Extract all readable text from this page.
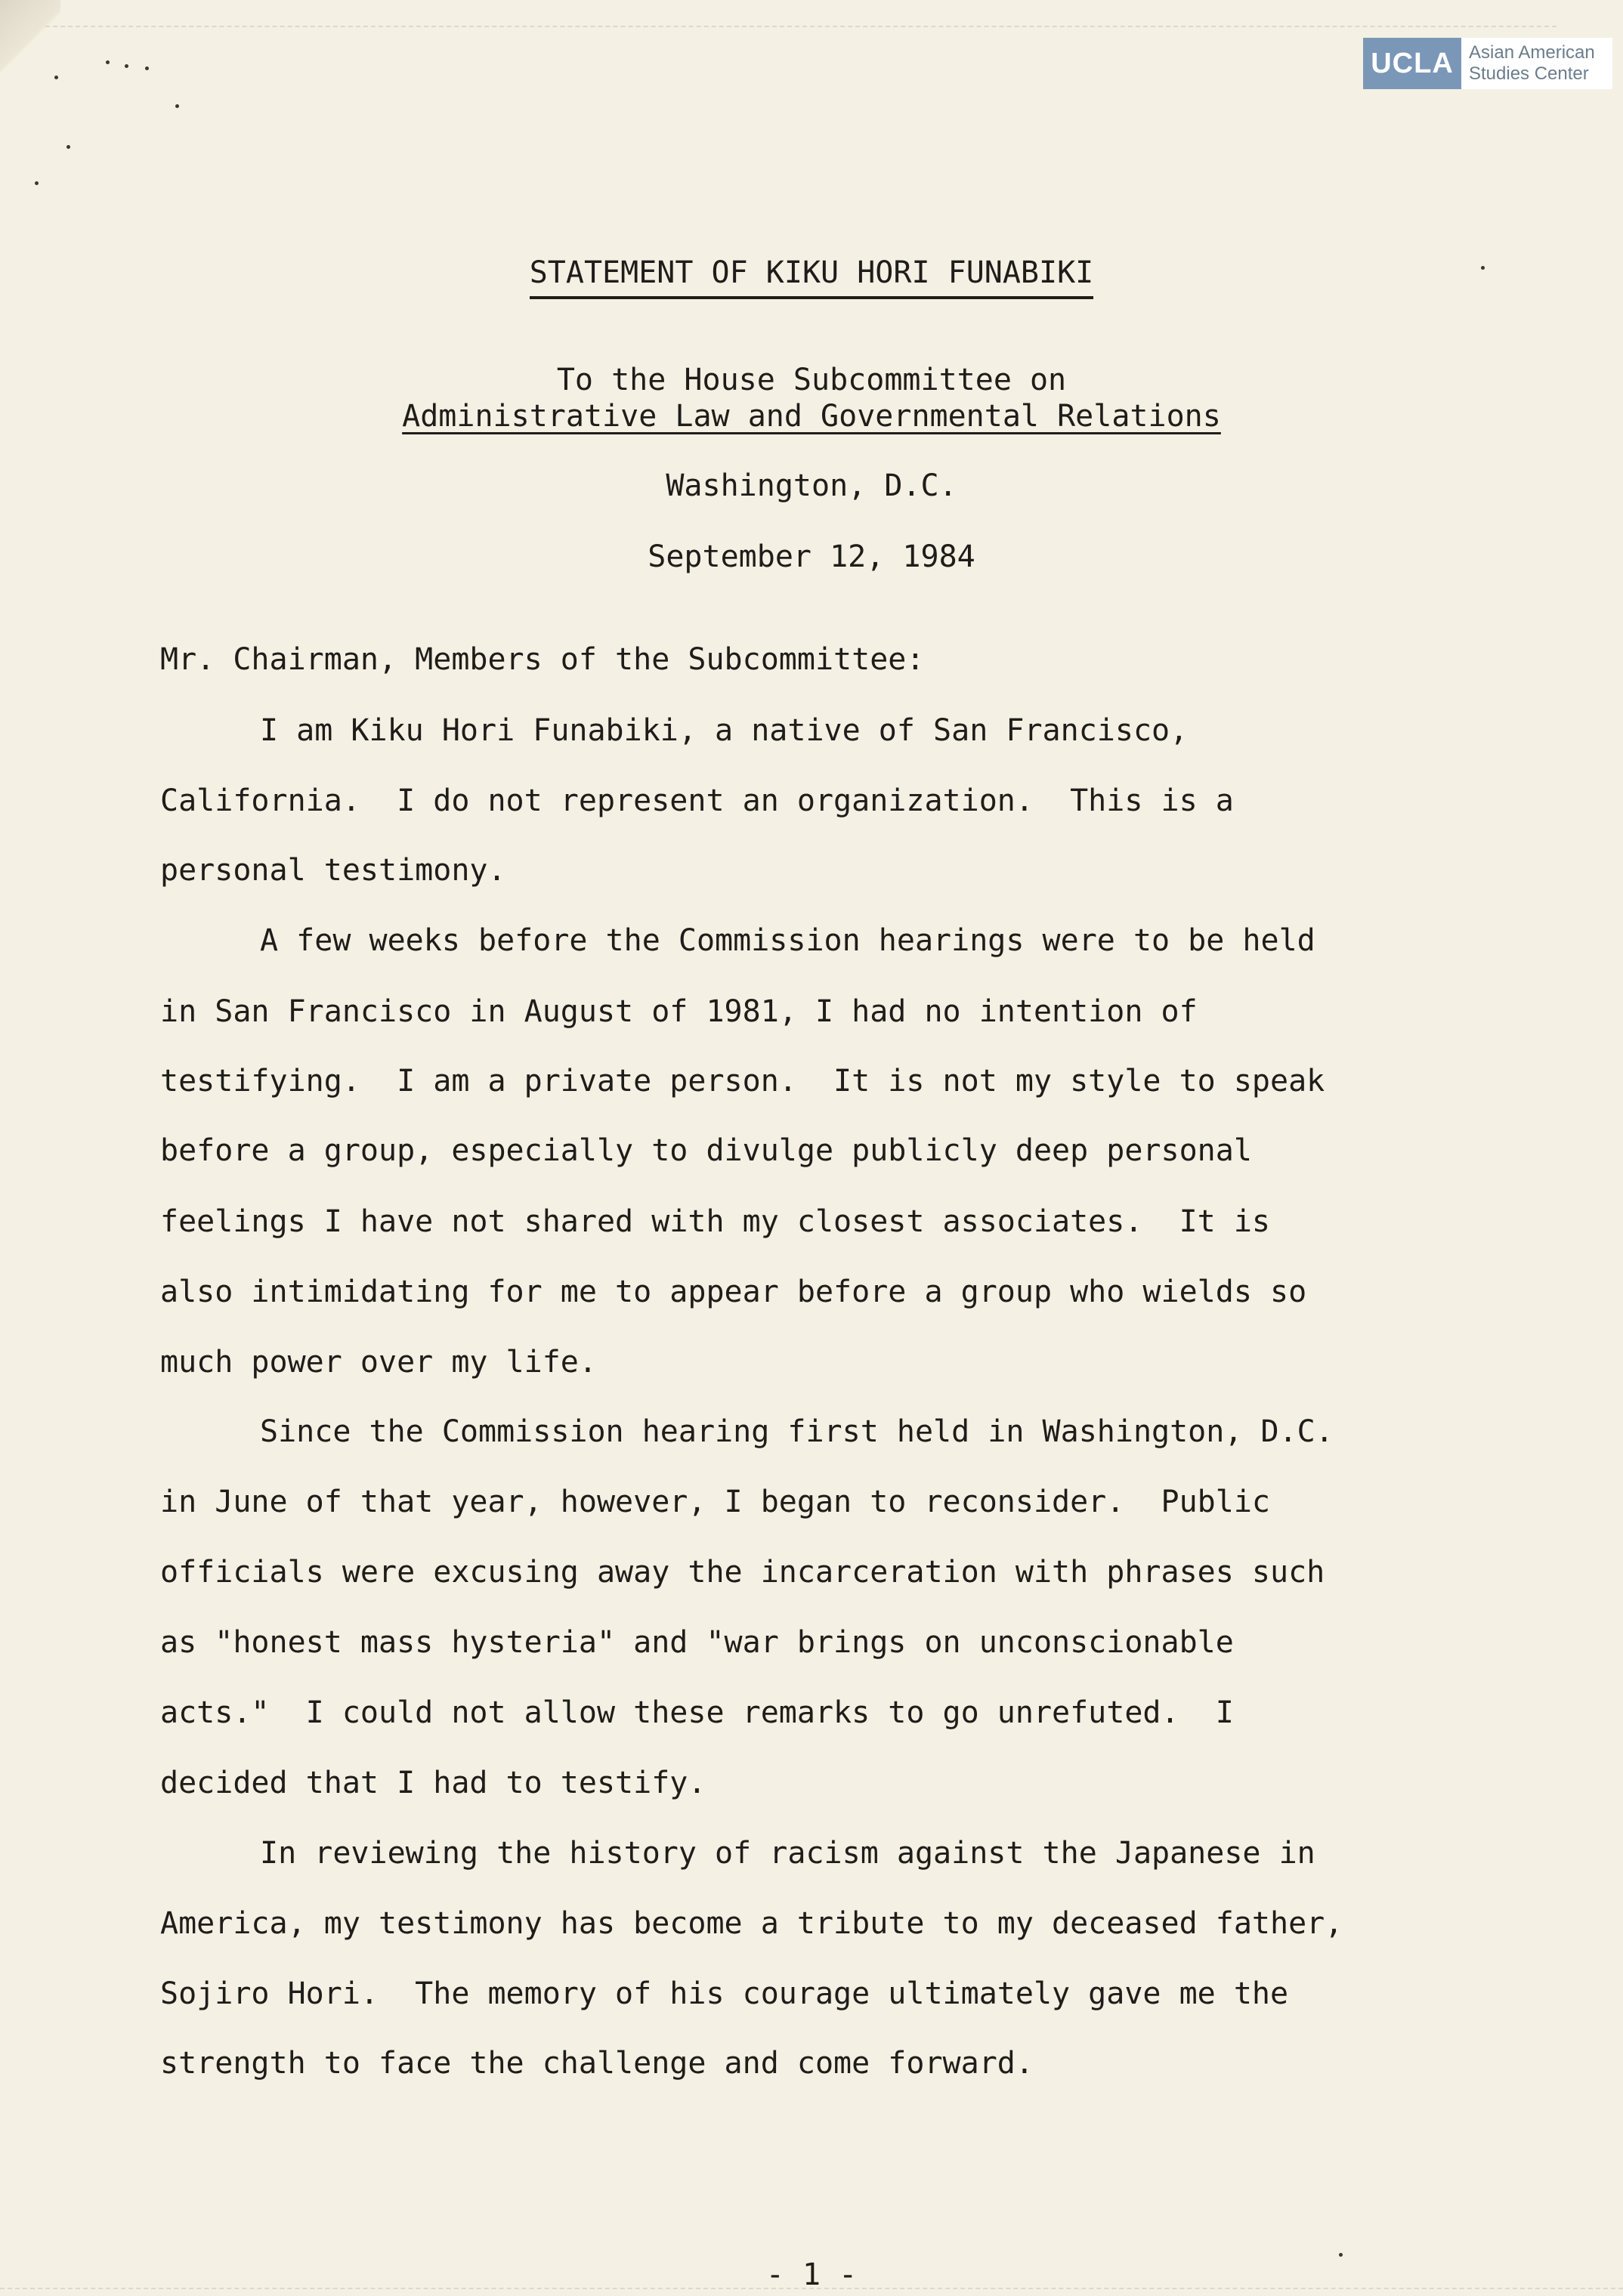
UCLA Asian American
Studies Center
STATEMENT OF KIKU HORI FUNABIKI
To the House Subcommittee on
Administrative Law and Governmental Relations
Washington, D.C.
September 12, 1984
Mr. Chairman, Members of the Subcommittee:
I am Kiku Hori Funabiki, a native of San Francisco,
California.  I do not represent an organization.  This is a
personal testimony.
A few weeks before the Commission hearings were to be held
in San Francisco in August of 1981, I had no intention of
testifying.  I am a private person.  It is not my style to speak
before a group, especially to divulge publicly deep personal
feelings I have not shared with my closest associates.  It is
also intimidating for me to appear before a group who wields so
much power over my life.
Since the Commission hearing first held in Washington, D.C.
in June of that year, however, I began to reconsider.  Public
officials were excusing away the incarceration with phrases such
as "honest mass hysteria" and "war brings on unconscionable
acts."  I could not allow these remarks to go unrefuted.  I
decided that I had to testify.
In reviewing the history of racism against the Japanese in
America, my testimony has become a tribute to my deceased father,
Sojiro Hori.  The memory of his courage ultimately gave me the
strength to face the challenge and come forward.
- 1 -
